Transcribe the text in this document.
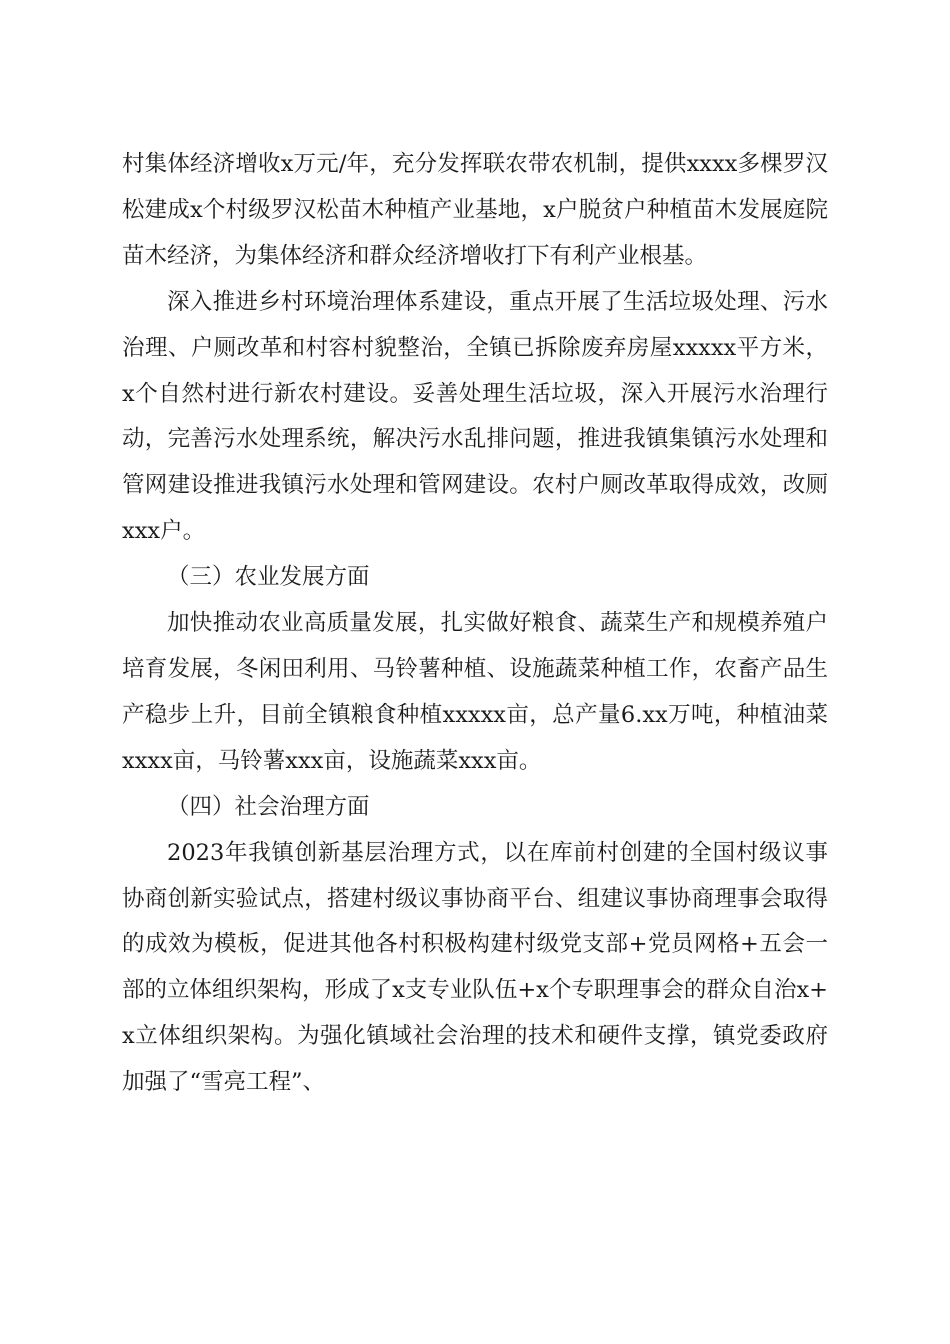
村集体经济增收x万元/年，充分发挥联农带农机制，提供xxxx多棵罗汉松建成x个村级罗汉松苗木种植产业基地，x户脱贫户种植苗木发展庭院苗木经济，为集体经济和群众经济增收打下有利产业根基。

深入推进乡村环境治理体系建设，重点开展了生活垃圾处理、污水治理、户厕改革和村容村貌整治，全镇已拆除废弃房屋xxxxx平方米，x个自然村进行新农村建设。妥善处理生活垃圾，深入开展污水治理行动，完善污水处理系统，解决污水乱排问题，推进我镇集镇污水处理和管网建设推进我镇污水处理和管网建设。农村户厕改革取得成效，改厕xxx户。

（三）农业发展方面

加快推动农业高质量发展，扎实做好粮食、蔬菜生产和规模养殖户培育发展，冬闲田利用、马铃薯种植、设施蔬菜种植工作，农畜产品生产稳步上升，目前全镇粮食种植xxxxx亩，总产量6.xx万吨，种植油菜xxxx亩，马铃薯xxx亩，设施蔬菜xxx亩。

（四）社会治理方面

2023年我镇创新基层治理方式，以在库前村创建的全国村级议事协商创新实验试点，搭建村级议事协商平台、组建议事协商理事会取得的成效为模板，促进其他各村积极构建村级党支部+党员网格+五会一部的立体组织架构，形成了x支专业队伍+x个专职理事会的群众自治x+x立体组织架构。为强化镇域社会治理的技术和硬件支撑，镇党委政府加强了“雪亮工程”、
